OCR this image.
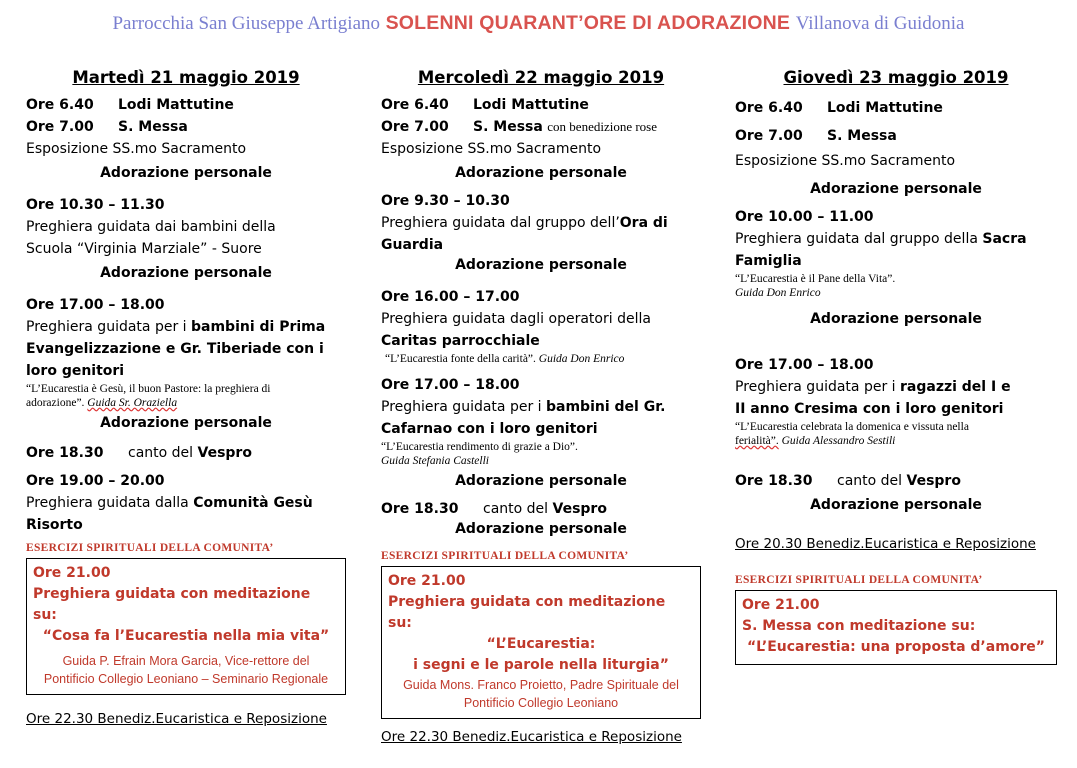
Parrocchia San Giuseppe Artigiano SOLENNI QUARANT’ORE DI ADORAZIONE Villanova di Guidonia
Martedì 21 maggio 2019
Ore 6.40 Lodi Mattutine
Ore 7.00 S. Messa
Esposizione SS.mo Sacramento
Adorazione personale
Ore 10.30 – 11.30
Preghiera guidata dai bambini della
Scuola “Virginia Marziale” - Suore
Adorazione personale
Ore 17.00 – 18.00
Preghiera guidata per i bambini di Prima
Evangelizzazione e Gr. Tiberiade con i
loro genitori
“L’Eucarestia è Gesù, il buon Pastore: la preghiera di
adorazione”. Guida Sr. Oraziella
Adorazione personale
Ore 18.30 canto del Vespro
Ore 19.00 – 20.00
Preghiera guidata dalla Comunità Gesù
Risorto
ESERCIZI SPIRITUALI DELLA COMUNITA’
Ore 21.00
Preghiera guidata con meditazione su:
“Cosa fa l’Eucarestia nella mia vita”
Guida P. Efrain Mora Garcia, Vice-rettore del
Pontificio Collegio Leoniano – Seminario Regionale
Ore 22.30 Benediz.Eucaristica e Reposizione
Mercoledì 22 maggio 2019
Ore 6.40 Lodi Mattutine
Ore 7.00 S. Messa con benedizione rose
Esposizione SS.mo Sacramento
Adorazione personale
Ore 9.30 – 10.30
Preghiera guidata dal gruppo dell’Ora di
Guardia
Adorazione personale
Ore 16.00 – 17.00
Preghiera guidata dagli operatori della
Caritas parrocchiale
“L’Eucarestia fonte della carità”. Guida Don Enrico
Ore 17.00 – 18.00
Preghiera guidata per i bambini del Gr.
Cafarnao con i loro genitori
“L’Eucarestia rendimento di grazie a Dio”.
Guida Stefania Castelli
Adorazione personale
Ore 18.30 canto del Vespro
Adorazione personale
ESERCIZI SPIRITUALI DELLA COMUNITA’
Ore 21.00
Preghiera guidata con meditazione su:
“L’Eucarestia:
i segni e le parole nella liturgia”
Guida Mons. Franco Proietto, Padre Spirituale del
Pontificio Collegio Leoniano
Ore 22.30 Benediz.Eucaristica e Reposizione
Giovedì 23 maggio 2019
Ore 6.40 Lodi Mattutine
Ore 7.00 S. Messa
Esposizione SS.mo Sacramento
Adorazione personale
Ore 10.00 – 11.00
Preghiera guidata dal gruppo della Sacra
Famiglia
“L’Eucarestia è il Pane della Vita”.
Guida Don Enrico
Adorazione personale
Ore 17.00 – 18.00
Preghiera guidata per i ragazzi del I e
II anno Cresima con i loro genitori
“L’Eucarestia celebrata la domenica e vissuta nella
ferialità”. Guida Alessandro Sestili
Ore 18.30 canto del Vespro
Adorazione personale
Ore 20.30 Benediz.Eucaristica e Reposizione
ESERCIZI SPIRITUALI DELLA COMUNITA’
Ore 21.00
S. Messa con meditazione su:
“L’Eucarestia: una proposta d’amore”
